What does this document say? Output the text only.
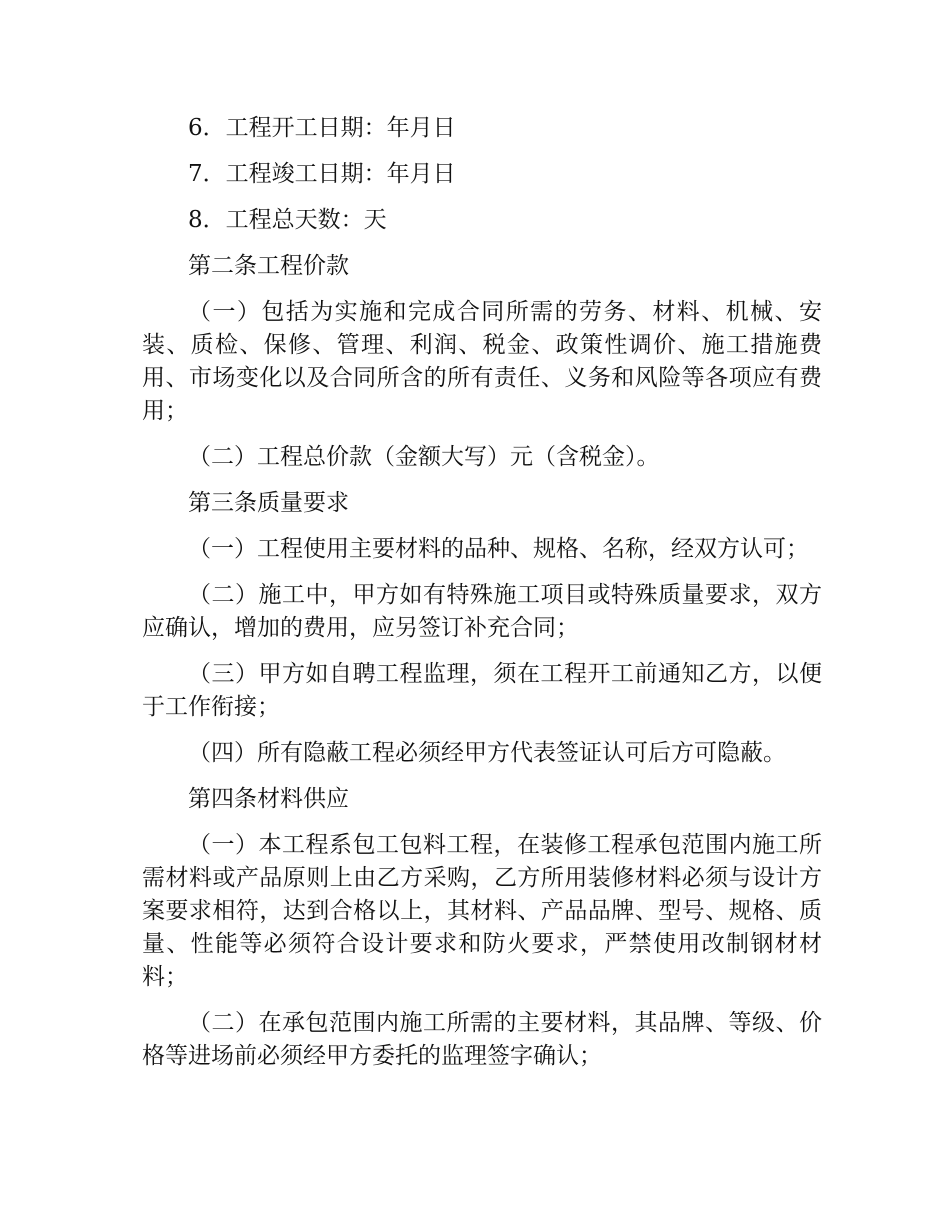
6．工程开工日期：年月日

7．工程竣工日期：年月日

8．工程总天数：天

第二条工程价款

（一）包括为实施和完成合同所需的劳务、材料、机械、安装、质检、保修、管理、利润、税金、政策性调价、施工措施费用、市场变化以及合同所含的所有责任、义务和风险等各项应有费用；

（二）工程总价款（金额大写）元（含税金）。

第三条质量要求

（一）工程使用主要材料的品种、规格、名称，经双方认可；

（二）施工中，甲方如有特殊施工项目或特殊质量要求，双方应确认，增加的费用，应另签订补充合同；

（三）甲方如自聘工程监理，须在工程开工前通知乙方，以便于工作衔接；

（四）所有隐蔽工程必须经甲方代表签证认可后方可隐蔽。

第四条材料供应

（一）本工程系包工包料工程，在装修工程承包范围内施工所需材料或产品原则上由乙方采购，乙方所用装修材料必须与设计方案要求相符，达到合格以上，其材料、产品品牌、型号、规格、质量、性能等必须符合设计要求和防火要求，严禁使用改制钢材材料；

（二）在承包范围内施工所需的主要材料，其品牌、等级、价格等进场前必须经甲方委托的监理签字确认；
